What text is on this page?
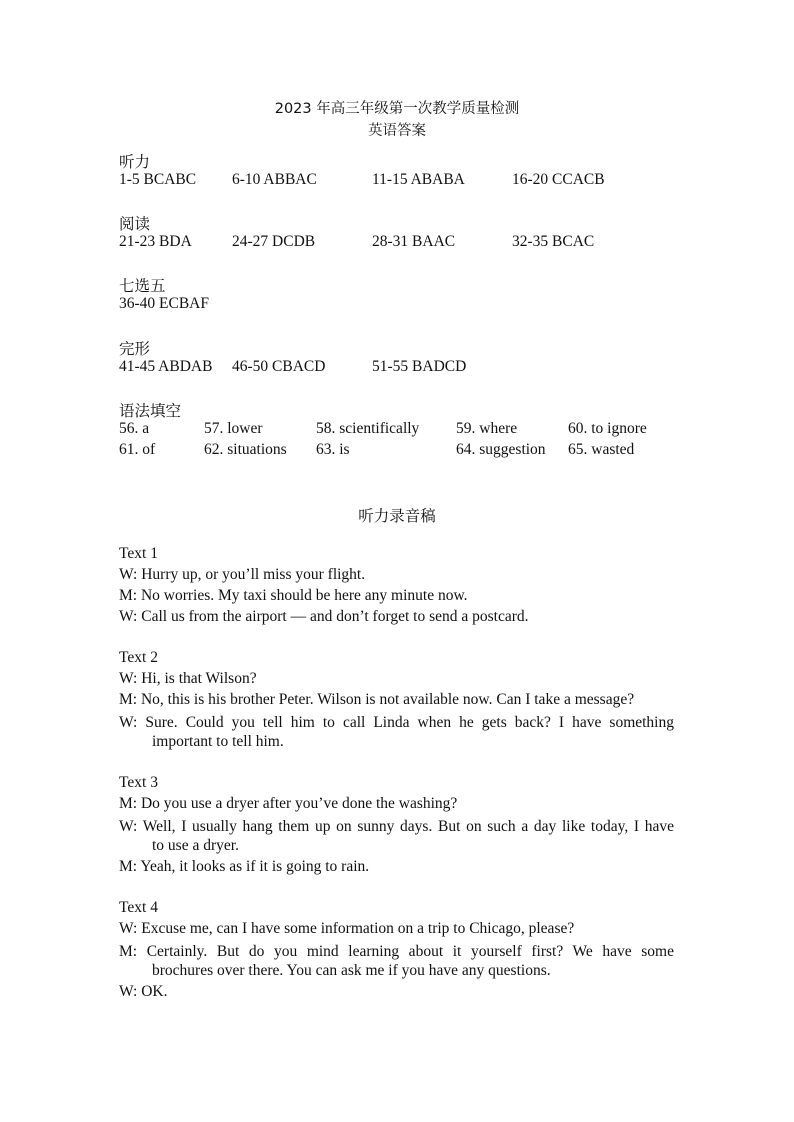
2023 年高三年级第一次教学质量检测
英语答案
听力
1-5 BCABC 6-10 ABBAC	11-15 ABABA	16-20 CCACB
阅读
21-23 BDA	24-27 DCDB	28-31 BAAC	32-35 BCAC
七选五
36-40 ECBAF
完形
41-45 ABDAB 46-50 CBACD	51-55 BADCD
语法填空
56. a	57. lower	58. scientifically 59. where	60. to ignore
61. of	62. situations 63. is	64. suggestion 65. wasted
听力录音稿
Text 1
W: Hurry up, or you’ll miss your flight.
M: No worries. My taxi should be here any minute now.
W: Call us from the airport — and don’t forget to send a postcard.
Text 2
W: Hi, is that Wilson?
M: No, this is his brother Peter. Wilson is not available now. Can I take a message?
W: Sure. Could you tell him to call Linda when he gets back? I have something
important to tell him.
Text 3
M: Do you use a dryer after you’ve done the washing?
W: Well, I usually hang them up on sunny days. But on such a day like today, I have
to use a dryer.
M: Yeah, it looks as if it is going to rain.
Text 4
W: Excuse me, can I have some information on a trip to Chicago, please?
M: Certainly. But do you mind learning about it yourself first? We have some
brochures over there. You can ask me if you have any questions.
W: OK.
